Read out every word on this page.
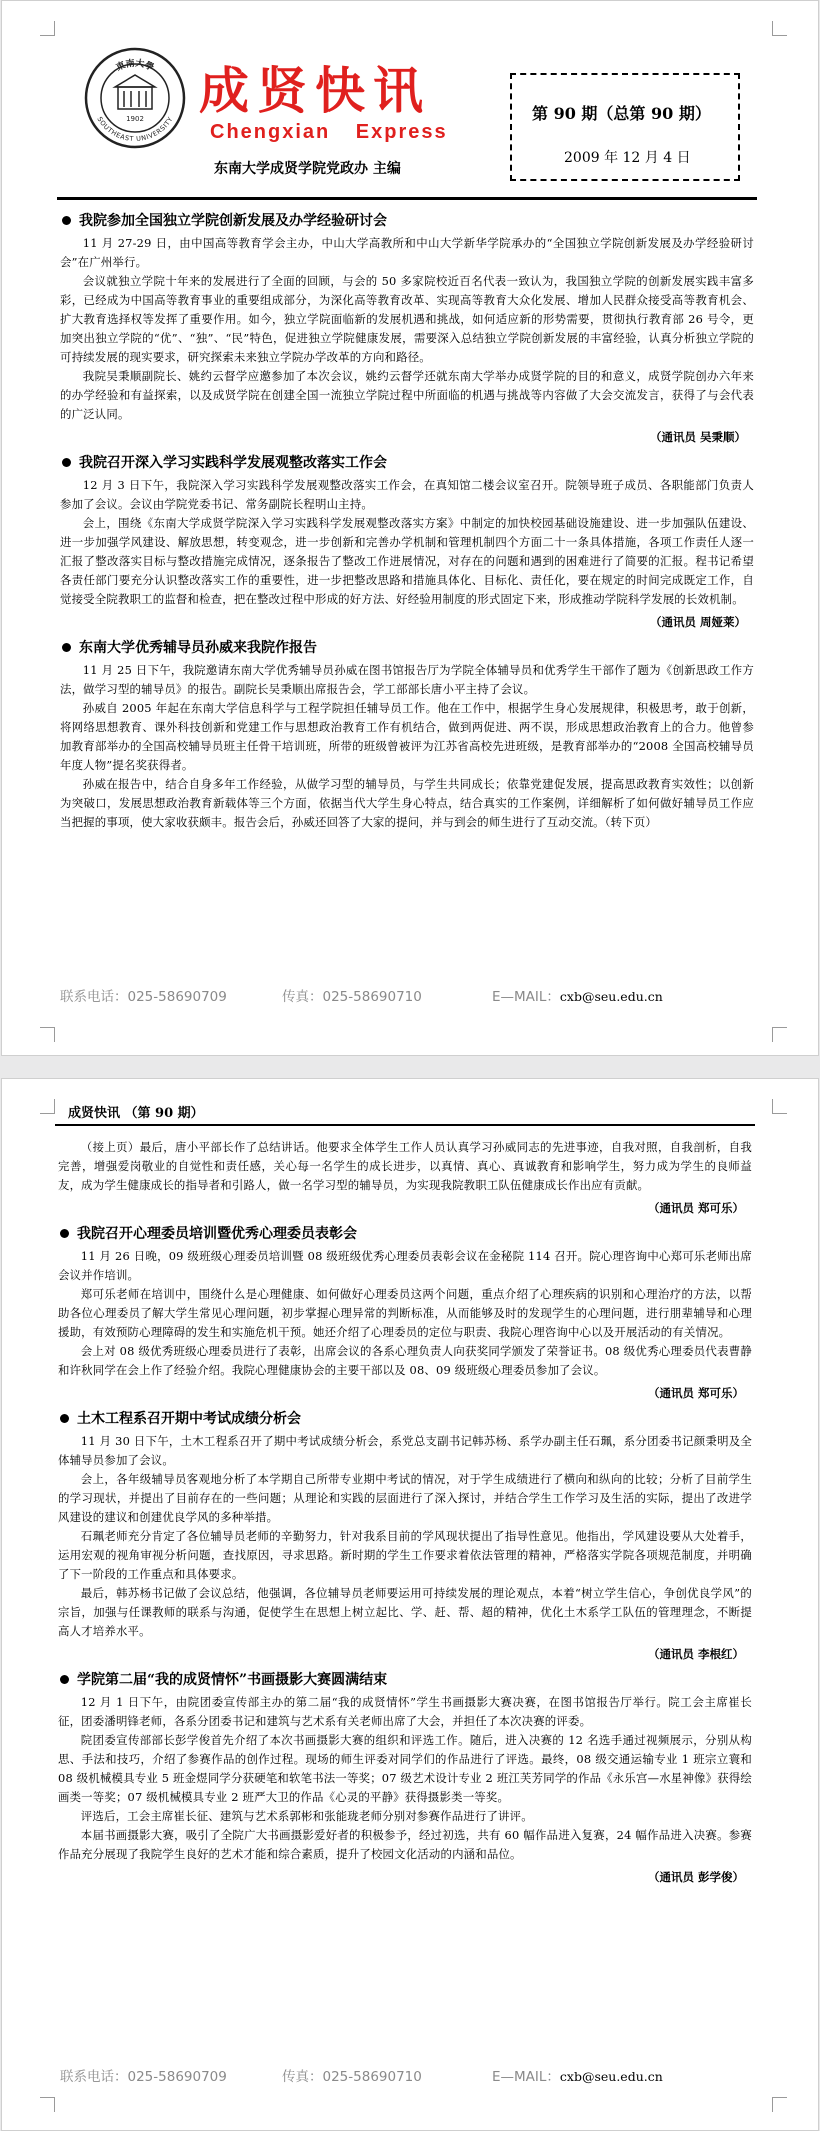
東南大學
SOUTHEAST UNIVERSITY
1902 成贤快讯
Chengxian Express
东南大学成贤学院党政办 主编
第 90 期（总第 90 期）
2009 年 12 月 4 日
我院参加全国独立学院创新发展及办学经验研讨会

11 月 27-29 日，由中国高等教育学会主办，中山大学高教所和中山大学新华学院承办的“全国独立学院创新发展及办学经验研讨会”在广州举行。

会议就独立学院十年来的发展进行了全面的回顾，与会的 50 多家院校近百名代表一致认为，我国独立学院的创新发展实践丰富多彩，已经成为中国高等教育事业的重要组成部分，为深化高等教育改革、实现高等教育大众化发展、增加人民群众接受高等教育机会、扩大教育选择权等发挥了重要作用。如今，独立学院面临新的发展机遇和挑战，如何适应新的形势需要，贯彻执行教育部 26 号令，更加突出独立学院的“优”、“独”、“民”特色，促进独立学院健康发展，需要深入总结独立学院创新发展的丰富经验，认真分析独立学院的可持续发展的现实要求，研究探索未来独立学院办学改革的方向和路径。

我院吴秉顺副院长、姚约云督学应邀参加了本次会议，姚约云督学还就东南大学举办成贤学院的目的和意义，成贤学院创办六年来的办学经验和有益探索，以及成贤学院在创建全国一流独立学院过程中所面临的机遇与挑战等内容做了大会交流发言，获得了与会代表的广泛认同。

（通讯员 吴秉顺）
我院召开深入学习实践科学发展观整改落实工作会

12 月 3 日下午，我院深入学习实践科学发展观整改落实工作会，在真知馆二楼会议室召开。院领导班子成员、各职能部门负责人参加了会议。会议由学院党委书记、常务副院长程明山主持。

会上，围绕《东南大学成贤学院深入学习实践科学发展观整改落实方案》中制定的加快校园基础设施建设、进一步加强队伍建设、进一步加强学风建设、解放思想，转变观念，进一步创新和完善办学机制和管理机制四个方面二十一条具体措施，各项工作责任人逐一汇报了整改落实目标与整改措施完成情况，逐条报告了整改工作进展情况，对存在的问题和遇到的困难进行了简要的汇报。程书记希望各责任部门要充分认识整改落实工作的重要性，进一步把整改思路和措施具体化、目标化、责任化，要在规定的时间完成既定工作，自觉接受全院教职工的监督和检查，把在整改过程中形成的好方法、好经验用制度的形式固定下来，形成推动学院科学发展的长效机制。

（通讯员 周娅莱）
东南大学优秀辅导员孙威来我院作报告

11 月 25 日下午，我院邀请东南大学优秀辅导员孙威在图书馆报告厅为学院全体辅导员和优秀学生干部作了题为《创新思政工作方法，做学习型的辅导员》的报告。副院长吴秉顺出席报告会，学工部部长唐小平主持了会议。

孙威自 2005 年起在东南大学信息科学与工程学院担任辅导员工作。他在工作中，根据学生身心发展规律，积极思考，敢于创新，将网络思想教育、课外科技创新和党建工作与思想政治教育工作有机结合，做到两促进、两不误，形成思想政治教育上的合力。他曾参加教育部举办的全国高校辅导员班主任骨干培训班，所带的班级曾被评为江苏省高校先进班级，是教育部举办的“2008 全国高校辅导员年度人物”提名奖获得者。

孙威在报告中，结合自身多年工作经验，从做学习型的辅导员，与学生共同成长；依靠党建促发展，提高思政教育实效性；以创新为突破口，发展思想政治教育新载体等三个方面，依据当代大学生身心特点，结合真实的工作案例，详细解析了如何做好辅导员工作应当把握的事项，使大家收获颇丰。报告会后，孙威还回答了大家的提问，并与到会的师生进行了互动交流。（转下页）

联系电话：025-58690709	传真：025-58690710	E—MAIL：cxb@seu.edu.cn
联系电话：025-58690709	传真：025-58690710	E—MAIL：cxb@seu.edu.cn
成贤快讯 （第 90 期）

（接上页）最后，唐小平部长作了总结讲话。他要求全体学生工作人员认真学习孙威同志的先进事迹，自我对照，自我剖析，自我完善，增强爱岗敬业的自觉性和责任感，关心每一名学生的成长进步，以真情、真心、真诚教育和影响学生，努力成为学生的良师益友，成为学生健康成长的指导者和引路人，做一名学习型的辅导员，为实现我院教职工队伍健康成长作出应有贡献。

（通讯员 郑可乐）
我院召开心理委员培训暨优秀心理委员表彰会

11 月 26 日晚，09 级班级心理委员培训暨 08 级班级优秀心理委员表彰会议在金秘院 114 召开。院心理咨询中心郑可乐老师出席会议并作培训。

郑可乐老师在培训中，围绕什么是心理健康、如何做好心理委员这两个问题，重点介绍了心理疾病的识别和心理治疗的方法，以帮助各位心理委员了解大学生常见心理问题，初步掌握心理异常的判断标准，从而能够及时的发现学生的心理问题，进行朋辈辅导和心理援助，有效预防心理障碍的发生和实施危机干预。她还介绍了心理委员的定位与职责、我院心理咨询中心以及开展活动的有关情况。

会上对 08 级优秀班级心理委员进行了表彰，出席会议的各系心理负责人向获奖同学颁发了荣誉证书。08 级优秀心理委员代表曹静和许秋同学在会上作了经验介绍。我院心理健康协会的主要干部以及 08、09 级班级心理委员参加了会议。

（通讯员 郑可乐）
土木工程系召开期中考试成绩分析会

11 月 30 日下午，土木工程系召开了期中考试成绩分析会，系党总支副书记韩苏杨、系学办副主任石珮，系分团委书记颜秉明及全体辅导员参加了会议。

会上，各年级辅导员客观地分析了本学期自己所带专业期中考试的情况，对于学生成绩进行了横向和纵向的比较；分析了目前学生的学习现状，并提出了目前存在的一些问题；从理论和实践的层面进行了深入探讨，并结合学生工作学习及生活的实际，提出了改进学风建设的建议和创建优良学风的多种举措。

石珮老师充分肯定了各位辅导员老师的辛勤努力，针对我系目前的学风现状提出了指导性意见。他指出，学风建设要从大处着手，运用宏观的视角审视分析问题，查找原因，寻求思路。新时期的学生工作要求着依法管理的精神，严格落实学院各项规范制度，并明确了下一阶段的工作重点和具体要求。

最后，韩苏杨书记做了会议总结，他强调，各位辅导员老师要运用可持续发展的理论观点，本着“树立学生信心，争创优良学风”的宗旨，加强与任课教师的联系与沟通，促使学生在思想上树立起比、学、赶、帮、超的精神，优化土木系学工队伍的管理理念，不断提高人才培养水平。

（通讯员 李根红）
学院第二届“我的成贤情怀”书画摄影大赛圆满结束

12 月 1 日下午，由院团委宣传部主办的第二届“我的成贤情怀”学生书画摄影大赛决赛，在图书馆报告厅举行。院工会主席崔长征，团委潘明锋老师，各系分团委书记和建筑与艺术系有关老师出席了大会，并担任了本次决赛的评委。

院团委宣传部部长彭学俊首先介绍了本次书画摄影大赛的组织和评选工作。随后，进入决赛的 12 名选手通过视频展示，分别从构思、手法和技巧，介绍了参赛作品的创作过程。现场的师生评委对同学们的作品进行了评选。最终，08 级交通运输专业 1 班宗立寰和 08 级机械模具专业 5 班金煜同学分获硬笔和软笔书法一等奖；07 级艺术设计专业 2 班江芙芳同学的作品《永乐宫—水星神像》获得绘画类一等奖；07 级机械模具专业 2 班严大卫的作品《心灵的平静》获得摄影类一等奖。

评选后，工会主席崔长征、建筑与艺术系郭彬和张能珑老师分别对参赛作品进行了讲评。

本届书画摄影大赛，吸引了全院广大书画摄影爱好者的积极参予，经过初选，共有 60 幅作品进入复赛，24 幅作品进入决赛。参赛作品充分展现了我院学生良好的艺术才能和综合素质，提升了校园文化活动的内涵和品位。

（通讯员 彭学俊）
